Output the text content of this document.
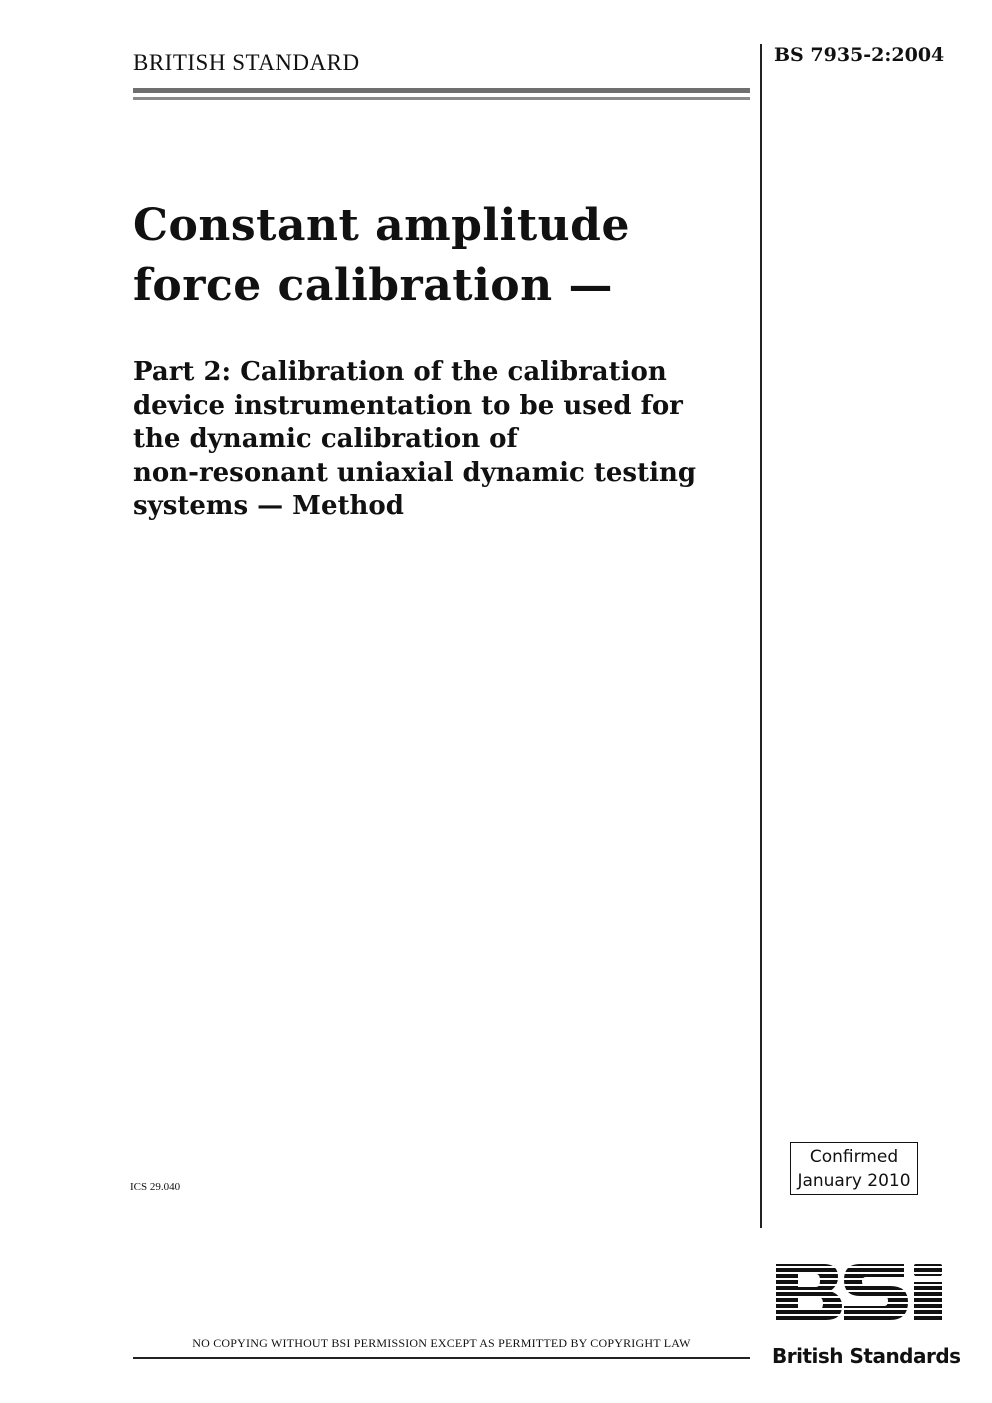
BRITISH STANDARD	BS 7935-2:2004
Constant amplitude
force calibration —
Part 2: Calibration of the calibration
device instrumentation to be used for
the dynamic calibration of
non-resonant uniaxial dynamic testing
systems — Method
ICS 29.040
Confirmed
January 2010
British Standards
NO COPYING WITHOUT BSI PERMISSION EXCEPT AS PERMITTED BY COPYRIGHT LAW
